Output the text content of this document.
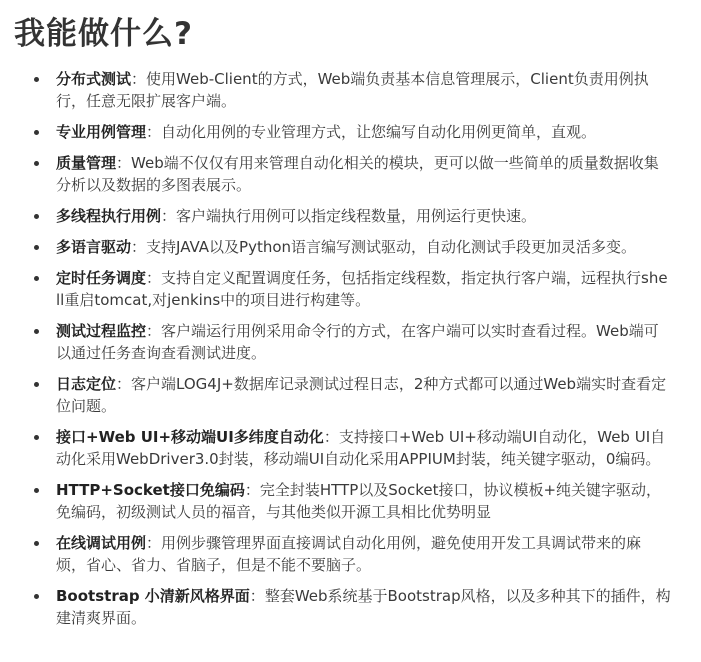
我能做什么?
分布式测试：使用Web-Client的方式，Web端负责基本信息管理展示，Client负责用例执行，任意无限扩展客户端。
专业用例管理：自动化用例的专业管理方式，让您编写自动化用例更简单，直观。
质量管理：Web端不仅仅有用来管理自动化相关的模块，更可以做一些简单的质量数据收集分析以及数据的多图表展示。
多线程执行用例：客户端执行用例可以指定线程数量，用例运行更快速。
多语言驱动：支持JAVA以及Python语言编写测试驱动，自动化测试手段更加灵活多变。
定时任务调度：支持自定义配置调度任务，包括指定线程数，指定执行客户端，远程执行shell重启tomcat,对jenkins中的项目进行构建等。
测试过程监控：客户端运行用例采用命令行的方式，在客户端可以实时查看过程。Web端可以通过任务查询查看测试进度。
日志定位：客户端LOG4J+数据库记录测试过程日志，2种方式都可以通过Web端实时查看定位问题。
接口+Web UI+移动端UI多纬度自动化：支持接口+Web UI+移动端UI自动化，Web UI自动化采用WebDriver3.0封装，移动端UI自动化采用APPIUM封装，纯关键字驱动，0编码。
HTTP+Socket接口免编码：完全封装HTTP以及Socket接口，协议模板+纯关键字驱动，免编码，初级测试人员的福音，与其他类似开源工具相比优势明显
在线调试用例：用例步骤管理界面直接调试自动化用例，避免使用开发工具调试带来的麻烦，省心、省力、省脑子，但是不能不要脑子。
Bootstrap 小清新风格界面：整套Web系统基于Bootstrap风格，以及多种其下的插件，构建清爽界面。
